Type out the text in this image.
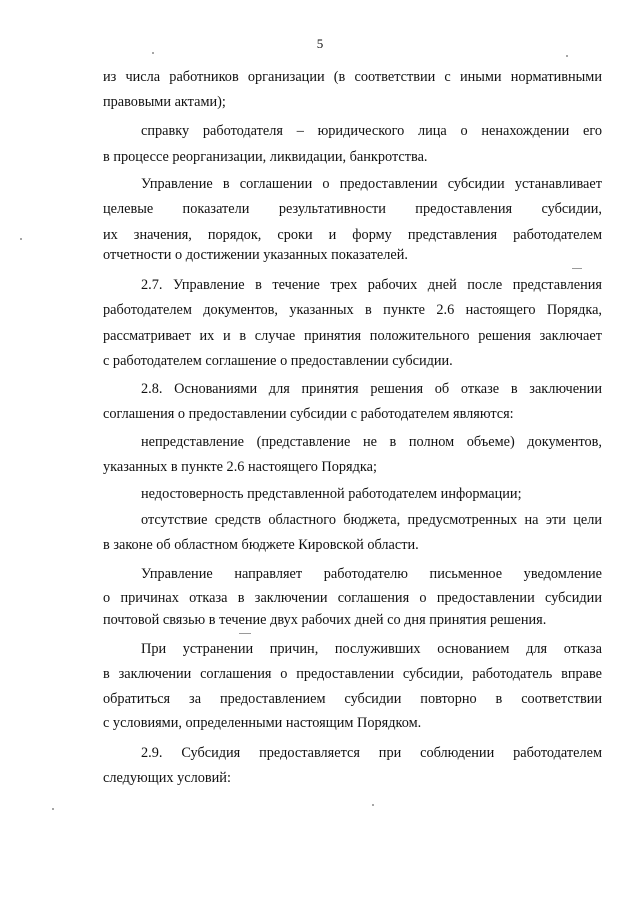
5
из числа работников организации (в соответствии с иными нормативными
правовыми актами);
справку работодателя – юридического лица о ненахождении его
в процессе реорганизации, ликвидации, банкротства.
Управление в соглашении о предоставлении субсидии устанавливает
целевые показатели результативности предоставления субсидии,
их значения, порядок, сроки и форму представления работодателем
отчетности о достижении указанных показателей.
2.7. Управление в течение трех рабочих дней после представления
работодателем документов, указанных в пункте 2.6 настоящего Порядка,
рассматривает их и в случае принятия положительного решения заключает
с работодателем соглашение о предоставлении субсидии.
2.8. Основаниями для принятия решения об отказе в заключении
соглашения о предоставлении субсидии с работодателем являются:
непредставление (представление не в полном объеме) документов,
указанных в пункте 2.6 настоящего Порядка;
недостоверность представленной работодателем информации;
отсутствие средств областного бюджета, предусмотренных на эти цели
в законе об областном бюджете Кировской области.
Управление направляет работодателю письменное уведомление
о причинах отказа в заключении соглашения о предоставлении субсидии
почтовой связью в течение двух рабочих дней со дня принятия решения.
При устранении причин, послуживших основанием для отказа
в заключении соглашения о предоставлении субсидии, работодатель вправе
обратиться за предоставлением субсидии повторно в соответствии
с условиями, определенными настоящим Порядком.
2.9. Субсидия предоставляется при соблюдении работодателем
следующих условий:
